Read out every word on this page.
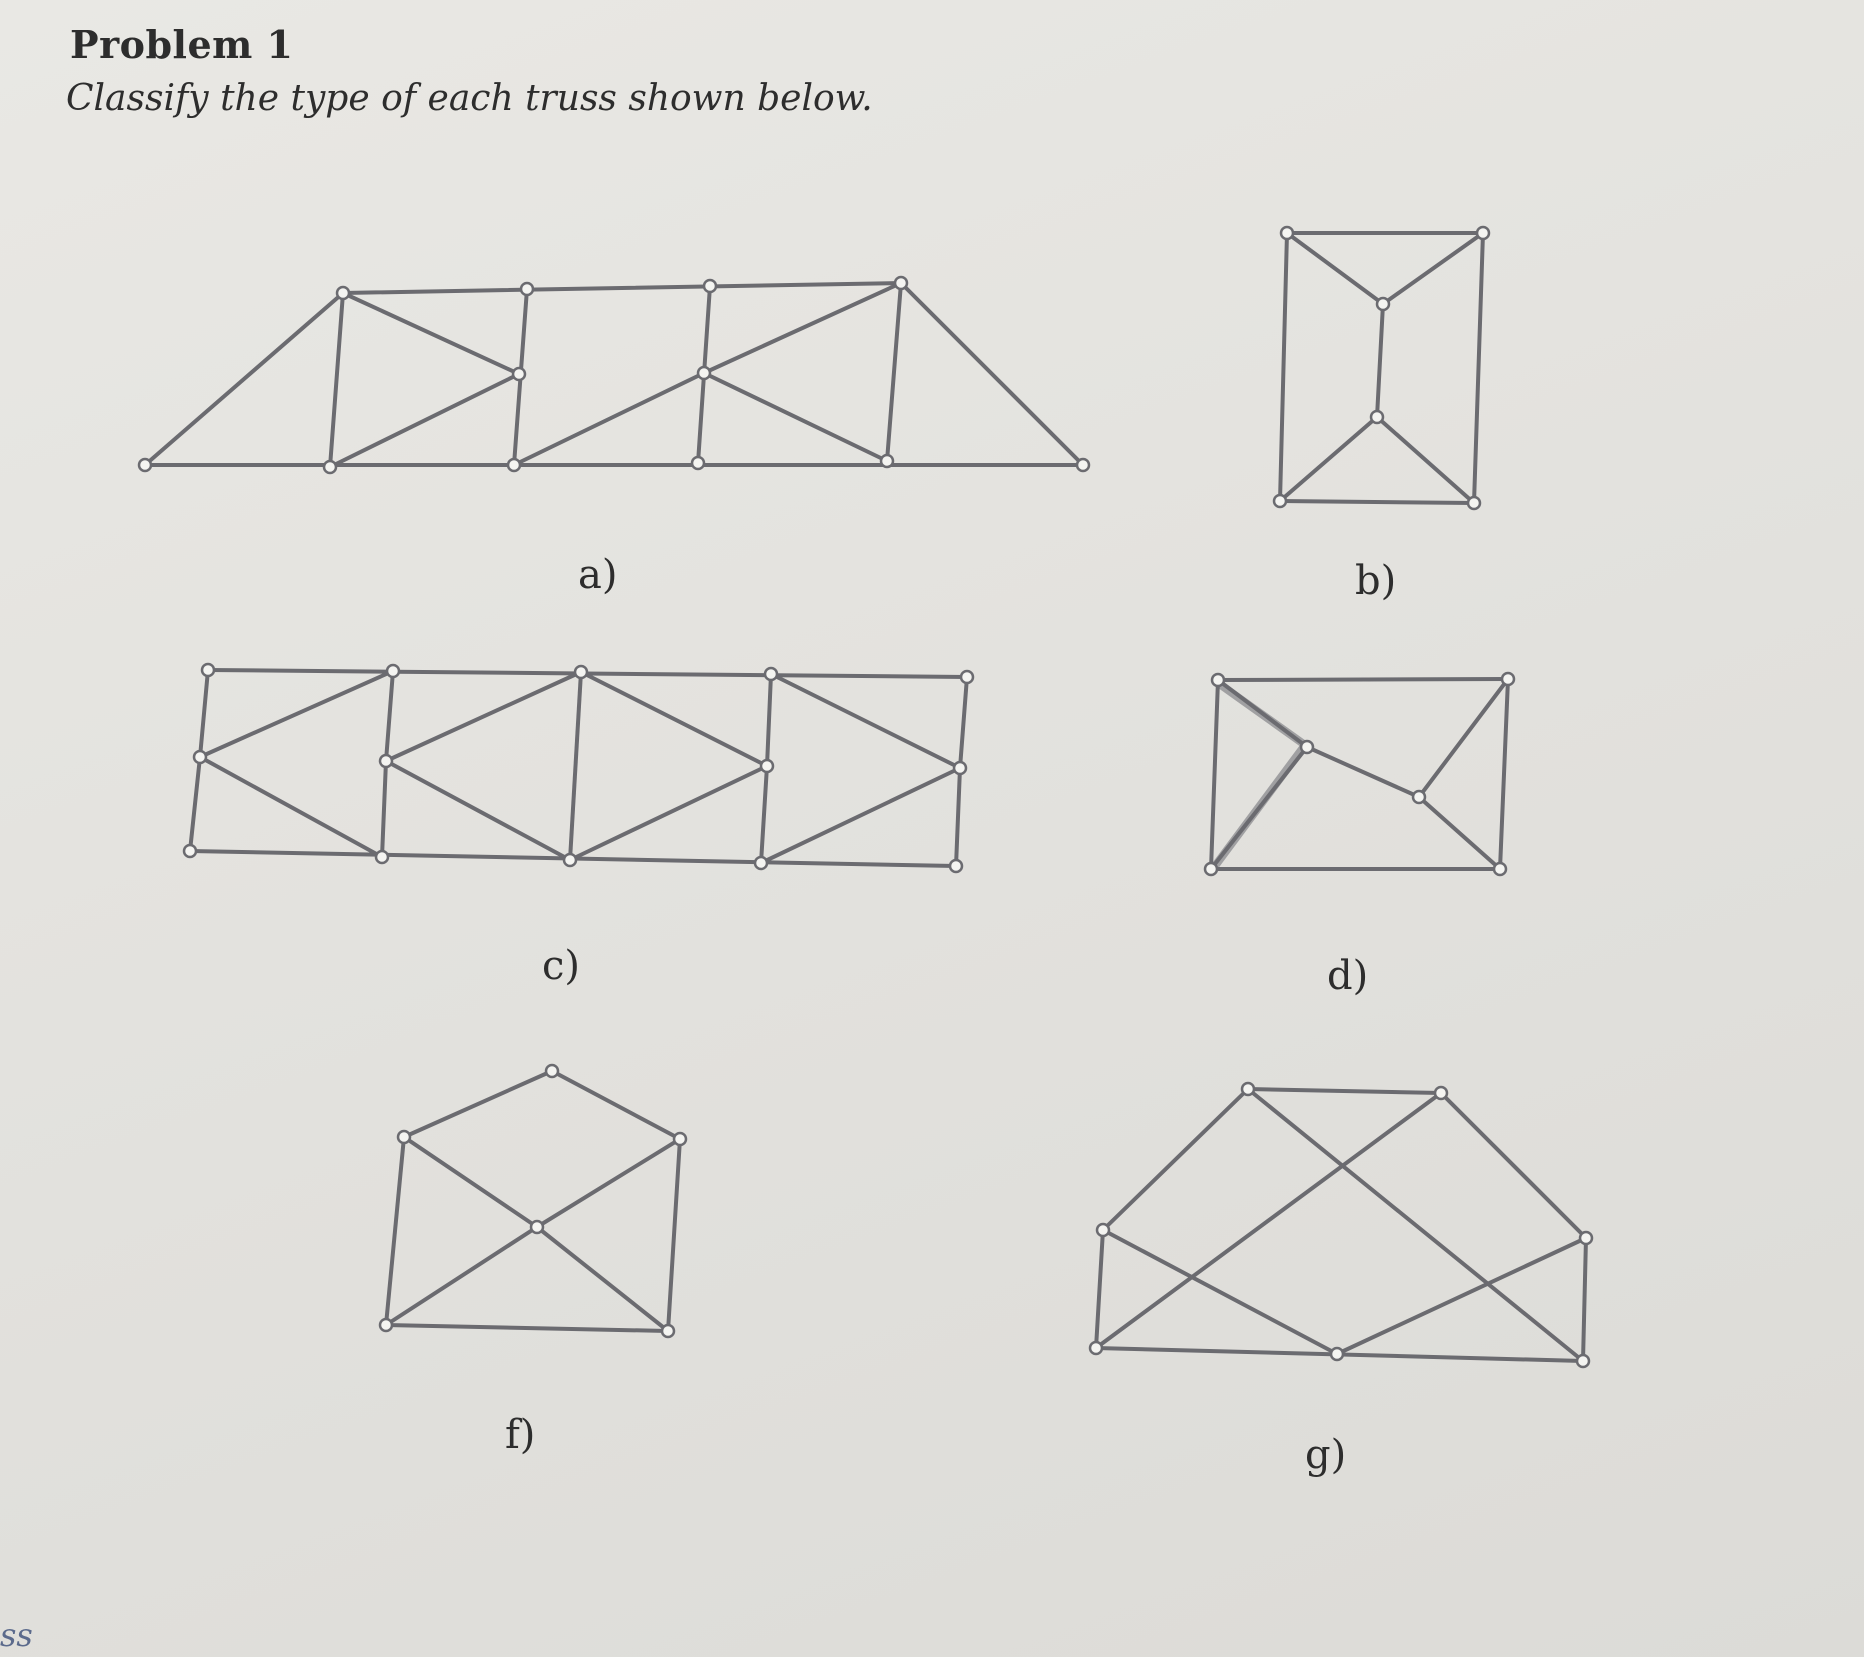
Problem 1
Classify the type of each truss shown below.
a)	b)
c)	d)
f)	g)
ss
